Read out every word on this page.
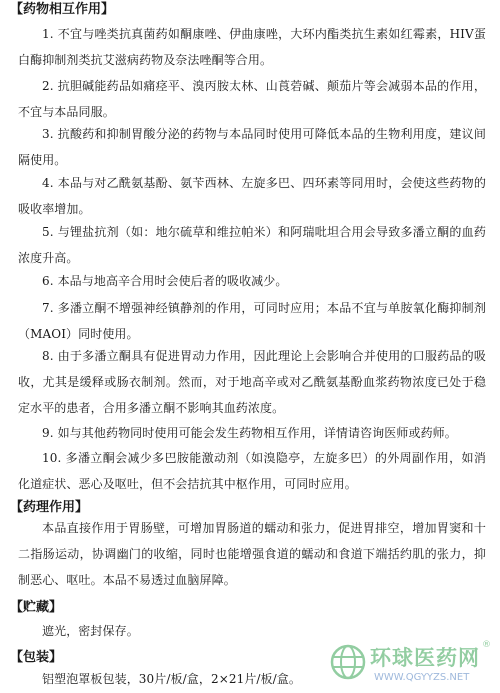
【药物相互作用】
1. 不宜与唑类抗真菌药如酮康唑、伊曲康唑，大环内酯类抗生素如红霉素，HIV蛋白酶抑制剂类抗艾滋病药物及奈法唑酮等合用。
2. 抗胆碱能药品如痛痉平、溴丙胺太林、山莨菪碱、颠茄片等会减弱本品的作用，不宜与本品同服。
3. 抗酸药和抑制胃酸分泌的药物与本品同时使用可降低本品的生物利用度，建议间隔使用。
4. 本品与对乙酰氨基酚、氨苄西林、左旋多巴、四环素等同用时，会使这些药物的吸收率增加。
5. 与锂盐抗剂（如：地尔硫草和维拉帕米）和阿瑞吡坦合用会导致多潘立酮的血药浓度升高。
6. 本品与地高辛合用时会使后者的吸收减少。
7. 多潘立酮不增强神经镇静剂的作用，可同时应用；本品不宜与单胺氧化酶抑制剂（MAOI）同时使用。
8. 由于多潘立酮具有促进胃动力作用，因此理论上会影响合并使用的口服药品的吸收，尤其是缓释或肠衣制剂。然而，对于地高辛或对乙酰氨基酚血浆药物浓度已处于稳定水平的患者，合用多潘立酮不影响其血药浓度。
9. 如与其他药物同时使用可能会发生药物相互作用，详情请咨询医师或药师。
10. 多潘立酮会减少多巴胺能激动剂（如溴隐亭，左旋多巴）的外周副作用，如消化道症状、恶心及呕吐，但不会拮抗其中枢作用，可同时应用。
【药理作用】
本品直接作用于胃肠壁，可增加胃肠道的蠕动和张力，促进胃排空，增加胃窦和十二指肠运动，协调幽门的收缩，同时也能增强食道的蠕动和食道下端括约肌的张力，抑制恶心、呕吐。本品不易透过血脑屏障。
【贮藏】
遮光，密封保存。
【包装】
铝塑泡罩板包装，30片/板/盒，2×21片/板/盒。
环球医药网
®
WWW.QGYYZS.NET
